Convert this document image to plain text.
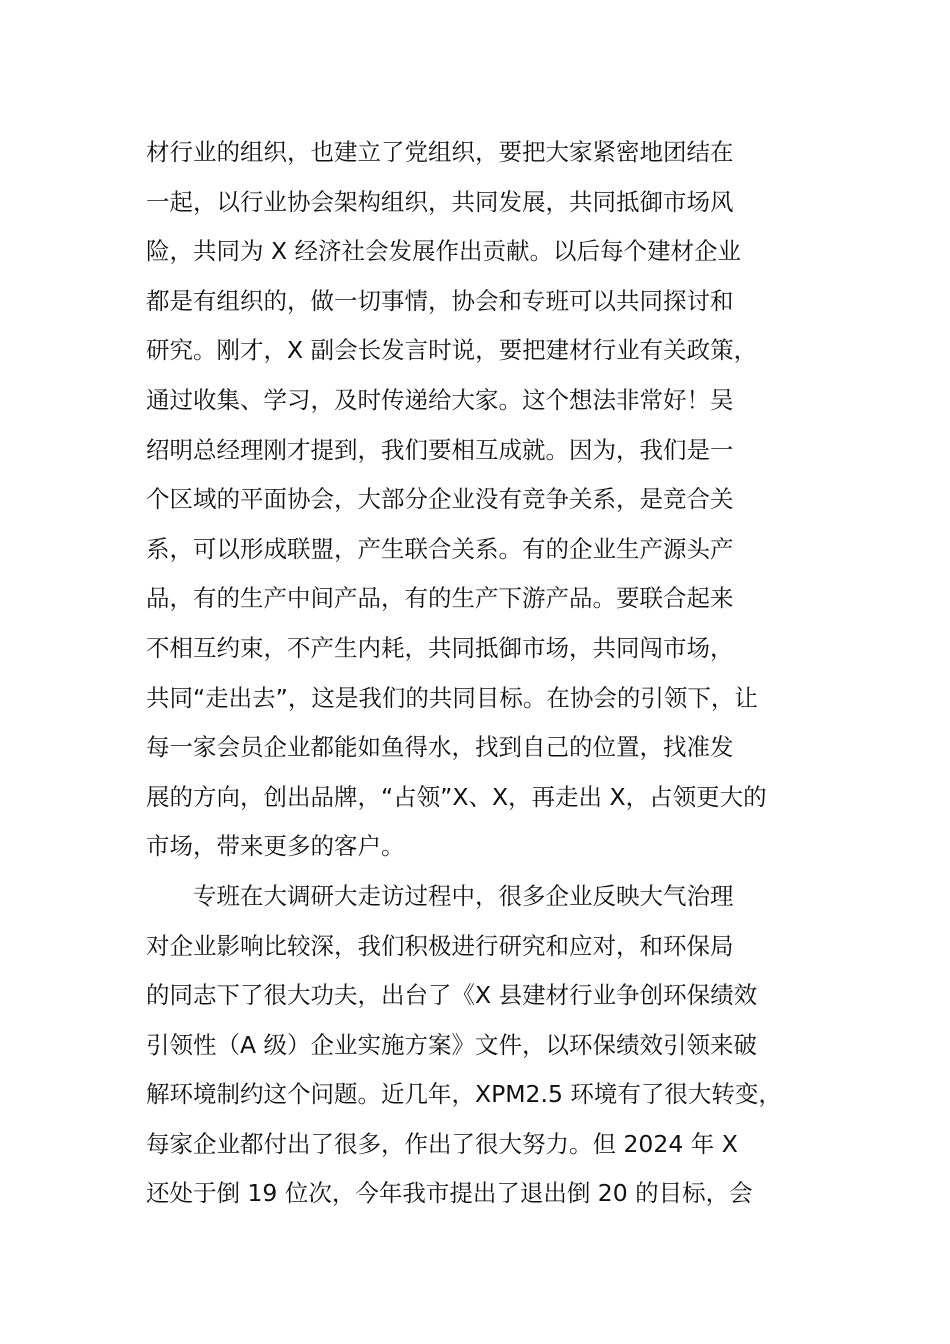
材行业的组织，也建立了党组织，要把大家紧密地团结在
一起，以行业协会架构组织，共同发展，共同抵御市场风
险，共同为 X 经济社会发展作出贡献。以后每个建材企业
都是有组织的，做一切事情，协会和专班可以共同探讨和
研究。刚才，X 副会长发言时说，要把建材行业有关政策，
通过收集、学习，及时传递给大家。这个想法非常好！吴
绍明总经理刚才提到，我们要相互成就。因为，我们是一
个区域的平面协会，大部分企业没有竞争关系，是竞合关
系，可以形成联盟，产生联合关系。有的企业生产源头产
品，有的生产中间产品，有的生产下游产品。要联合起来
不相互约束，不产生内耗，共同抵御市场，共同闯市场，
共同“走出去”，这是我们的共同目标。在协会的引领下，让
每一家会员企业都能如鱼得水，找到自己的位置，找准发
展的方向，创出品牌，“占领”X、X，再走出 X，占领更大的
市场，带来更多的客户。
专班在大调研大走访过程中，很多企业反映大气治理
对企业影响比较深，我们积极进行研究和应对，和环保局
的同志下了很大功夫，出台了《X 县建材行业争创环保绩效
引领性（A 级）企业实施方案》文件，以环保绩效引领来破
解环境制约这个问题。近几年，XPM2.5 环境有了很大转变，
每家企业都付出了很多，作出了很大努力。但 2024 年 X
还处于倒 19 位次，今年我市提出了退出倒 20 的目标，会
